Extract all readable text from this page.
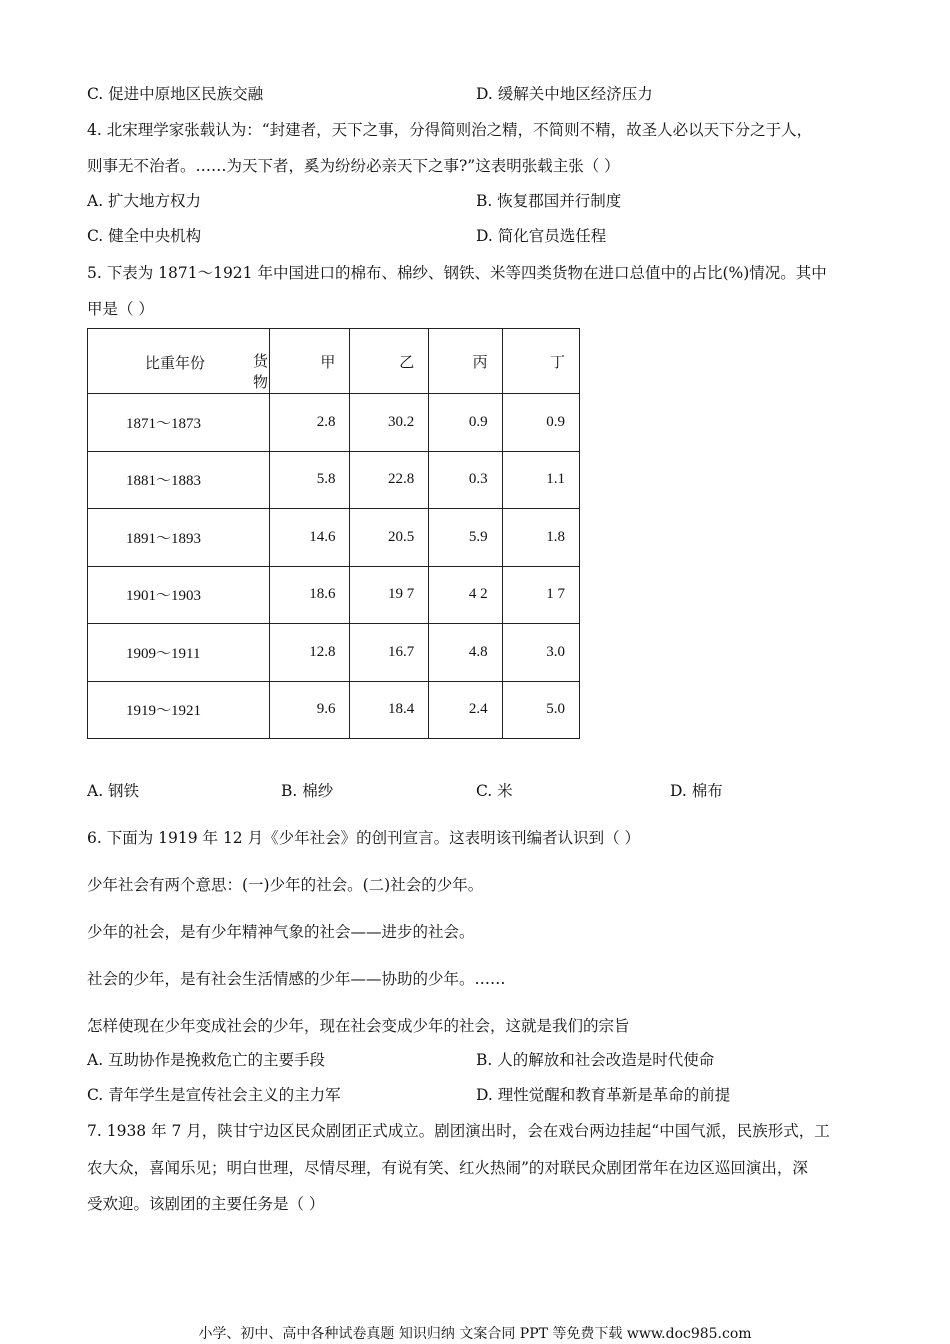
C. 促进中原地区民族交融	D. 缓解关中地区经济压力
4. 北宋理学家张载认为：“封建者，天下之事，分得简则治之精，不简则不精，故圣人必以天下分之于人，
则事无不治者。……为天下者，奚为纷纷必亲天下之事?”这表明张载主张（ ）
A. 扩大地方权力	B. 恢复郡国并行制度
C. 健全中央机构	D. 简化官员选任程
5. 下表为 1871～1921 年中国进口的棉布、棉纱、钢铁、米等四类货物在进口总值中的占比(%)情况。其中
甲是（ ）
比重年份 货物	甲	乙	丙	丁
1871～1873	2.8	30.2	0.9	0.9
1881～1883	5.8	22.8	0.3	1.1
1891～1893	14.6	20.5	5.9	1.8
1901～1903	18.6	19 7	4 2	1 7
1909～1911	12.8	16.7	4.8	3.0
1919～1921	9.6	18.4	2.4	5.0
A. 钢铁	B. 棉纱	C. 米	D. 棉布
6. 下面为 1919 年 12 月《少年社会》的创刊宣言。这表明该刊编者认识到（ ）
少年社会有两个意思：(一)少年的社会。(二)社会的少年。
少年的社会，是有少年精神气象的社会——进步的社会。
社会的少年，是有社会生活情感的少年——协助的少年。……
怎样使现在少年变成社会的少年，现在社会变成少年的社会，这就是我们的宗旨
A. 互助协作是挽救危亡的主要手段	B. 人的解放和社会改造是时代使命
C. 青年学生是宣传社会主义的主力军	D. 理性觉醒和教育革新是革命的前提
7. 1938 年 7 月，陕甘宁边区民众剧团正式成立。剧团演出时，会在戏台两边挂起“中国气派，民族形式，工
农大众，喜闻乐见；明白世理，尽情尽理，有说有笑、红火热闹”的对联民众剧团常年在边区巡回演出，深
受欢迎。该剧团的主要任务是（ ）
小学、初中、高中各种试卷真题 知识归纳 文案合同 PPT 等免费下载 www.doc985.com
